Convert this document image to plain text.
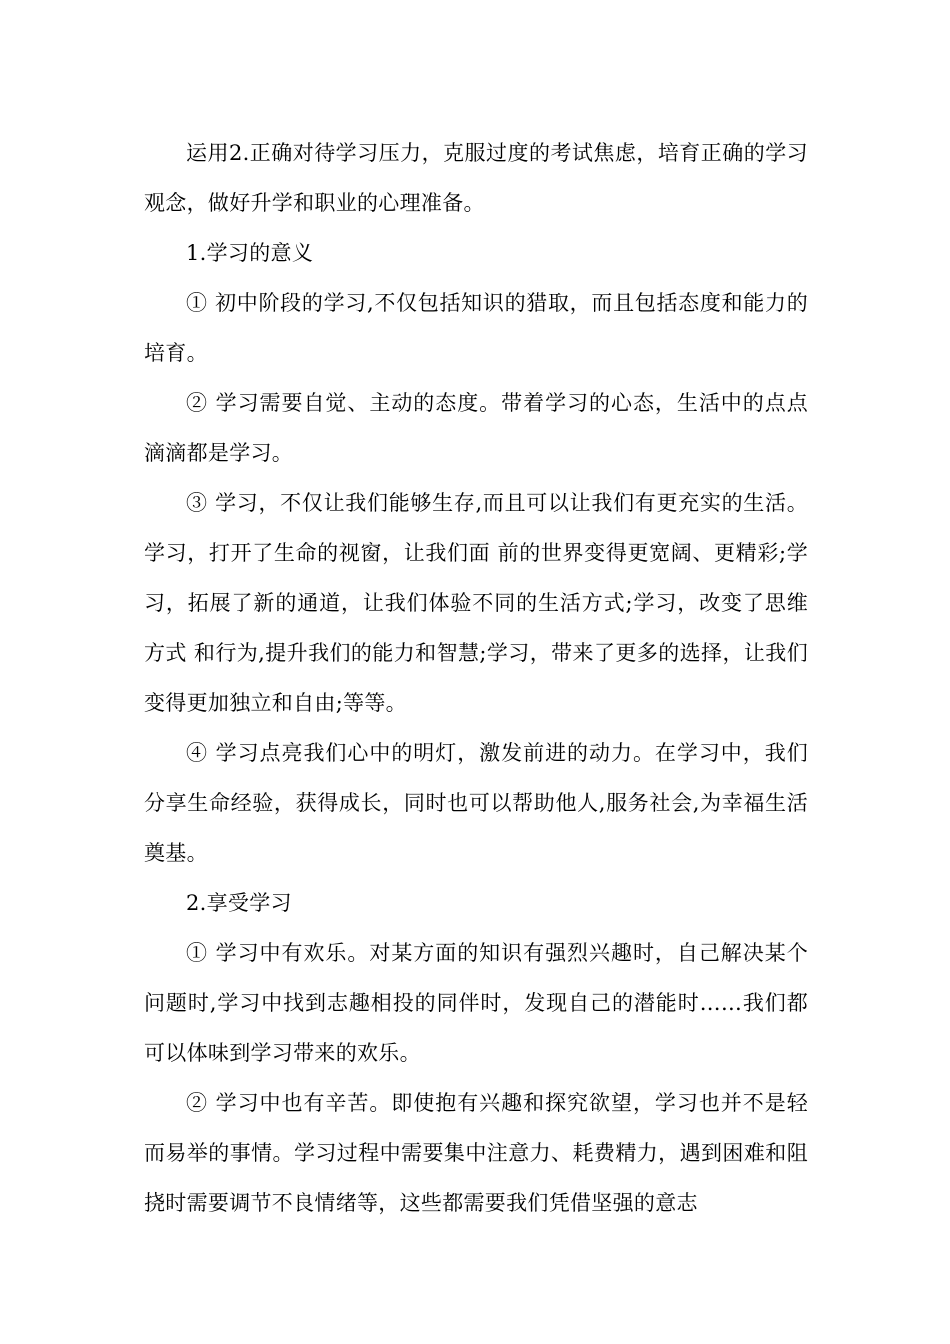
运用2.正确对待学习压力，克服过度的考试焦虑，培育正确的学习观念，做好升学和职业的心理准备。

1.学习的意义

① 初中阶段的学习,不仅包括知识的猎取，而且包括态度和能力的培育。

② 学习需要自觉、主动的态度。带着学习的心态，生活中的点点滴滴都是学习。

③ 学习，不仅让我们能够生存,而且可以让我们有更充实的生活。学习，打开了生命的视窗，让我们面 前的世界变得更宽阔、更精彩;学习，拓展了新的通道，让我们体验不同的生活方式;学习，改变了思维方式 和行为,提升我们的能力和智慧;学习，带来了更多的选择，让我们变得更加独立和自由;等等。

④ 学习点亮我们心中的明灯，激发前进的动力。在学习中，我们分享生命经验，获得成长，同时也可以帮助他人,服务社会,为幸福生活奠基。

2.享受学习

① 学习中有欢乐。对某方面的知识有强烈兴趣时，自己解决某个问题时,学习中找到志趣相投的同伴时，发现自己的潜能时……我们都可以体味到学习带来的欢乐。

② 学习中也有辛苦。即使抱有兴趣和探究欲望，学习也并不是轻而易举的事情。学习过程中需要集中注意力、耗费精力，遇到困难和阻挠时需要调节不良情绪等，这些都需要我们凭借坚强的意志
